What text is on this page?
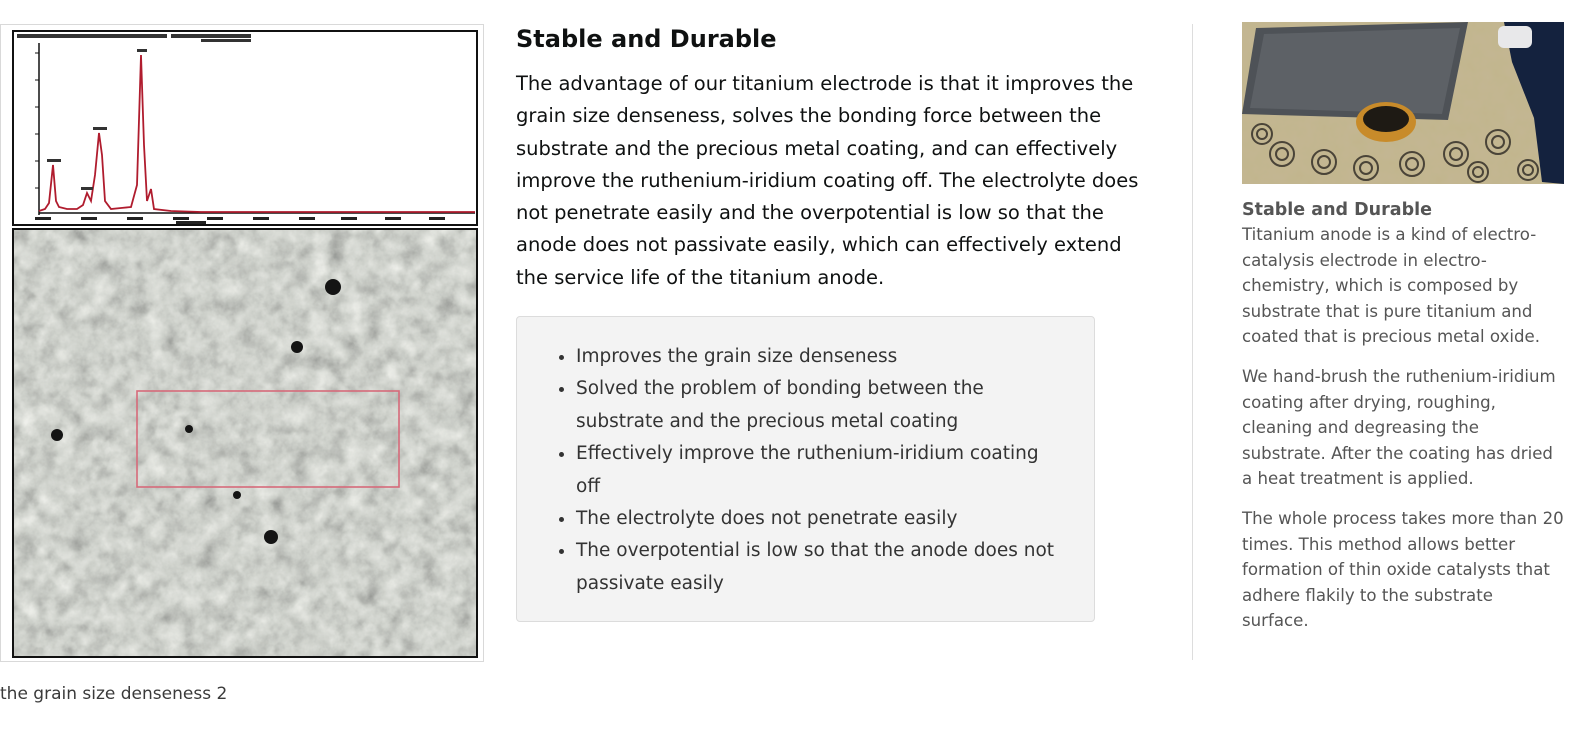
the grain size denseness 2
Stable and Durable

The advantage of our titanium electrode is that it improves the grain size denseness, solves the bonding force between the substrate and the precious metal coating, and can effectively improve the ruthenium-iridium coating off. The electrolyte does not penetrate easily and the overpotential is low so that the anode does not passivate easily, which can effectively extend the service life of the titanium anode.

• Improves the grain size denseness
• Solved the problem of bonding between the substrate and the precious metal coating
• Effectively improve the ruthenium-iridium coating off
• The electrolyte does not penetrate easily
• The overpotential is low so that the anode does not passivate easily
Stable and Durable

Titanium anode is a kind of electro-catalysis electrode in electro-chemistry, which is composed by substrate that is pure titanium and coated that is precious metal oxide.

We hand-brush the ruthenium-iridium coating after drying, roughing, cleaning and degreasing the substrate. After the coating has dried a heat treatment is applied.

The whole process takes more than 20 times. This method allows better formation of thin oxide catalysts that adhere flakily to the substrate surface.
